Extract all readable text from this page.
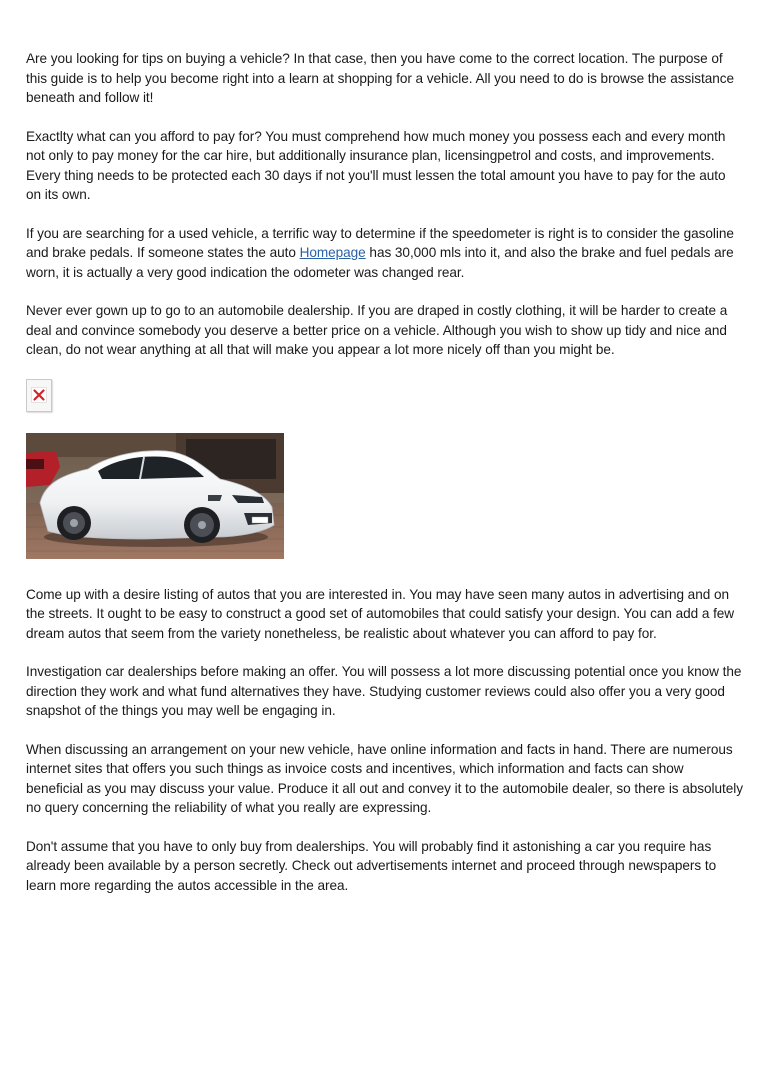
Are you looking for tips on buying a vehicle? In that case, then you have come to the correct location. The purpose of this guide is to help you become right into a learn at shopping for a vehicle. All you need to do is browse the assistance beneath and follow it!

Exactlty what can you afford to pay for? You must comprehend how much money you possess each and every month not only to pay money for the car hire, but additionally insurance plan, licensingpetrol and costs, and improvements. Every thing needs to be protected each 30 days if not you'll must lessen the total amount you have to pay for the auto on its own.

If you are searching for a used vehicle, a terrific way to determine if the speedometer is right is to consider the gasoline and brake pedals. If someone states the auto Homepage has 30,000 mls into it, and also the brake and fuel pedals are worn, it is actually a very good indication the odometer was changed rear.

Never ever gown up to go to an automobile dealership. If you are draped in costly clothing, it will be harder to create a deal and convince somebody you deserve a better price on a vehicle. Although you wish to show up tidy and nice and clean, do not wear anything at all that will make you appear a lot more nicely off than you might be.

Come up with a desire listing of autos that you are interested in. You may have seen many autos in advertising and on the streets. It ought to be easy to construct a good set of automobiles that could satisfy your design. You can add a few dream autos that seem from the variety nonetheless, be realistic about whatever you can afford to pay for.

Investigation car dealerships before making an offer. You will possess a lot more discussing potential once you know the direction they work and what fund alternatives they have. Studying customer reviews could also offer you a very good snapshot of the things you may well be engaging in.

When discussing an arrangement on your new vehicle, have online information and facts in hand. There are numerous internet sites that offers you such things as invoice costs and incentives, which information and facts can show beneficial as you may discuss your value. Produce it all out and convey it to the automobile dealer, so there is absolutely no query concerning the reliability of what you really are expressing.

Don't assume that you have to only buy from dealerships. You will probably find it astonishing a car you require has already been available by a person secretly. Check out advertisements internet and proceed through newspapers to learn more regarding the autos accessible in the area.
